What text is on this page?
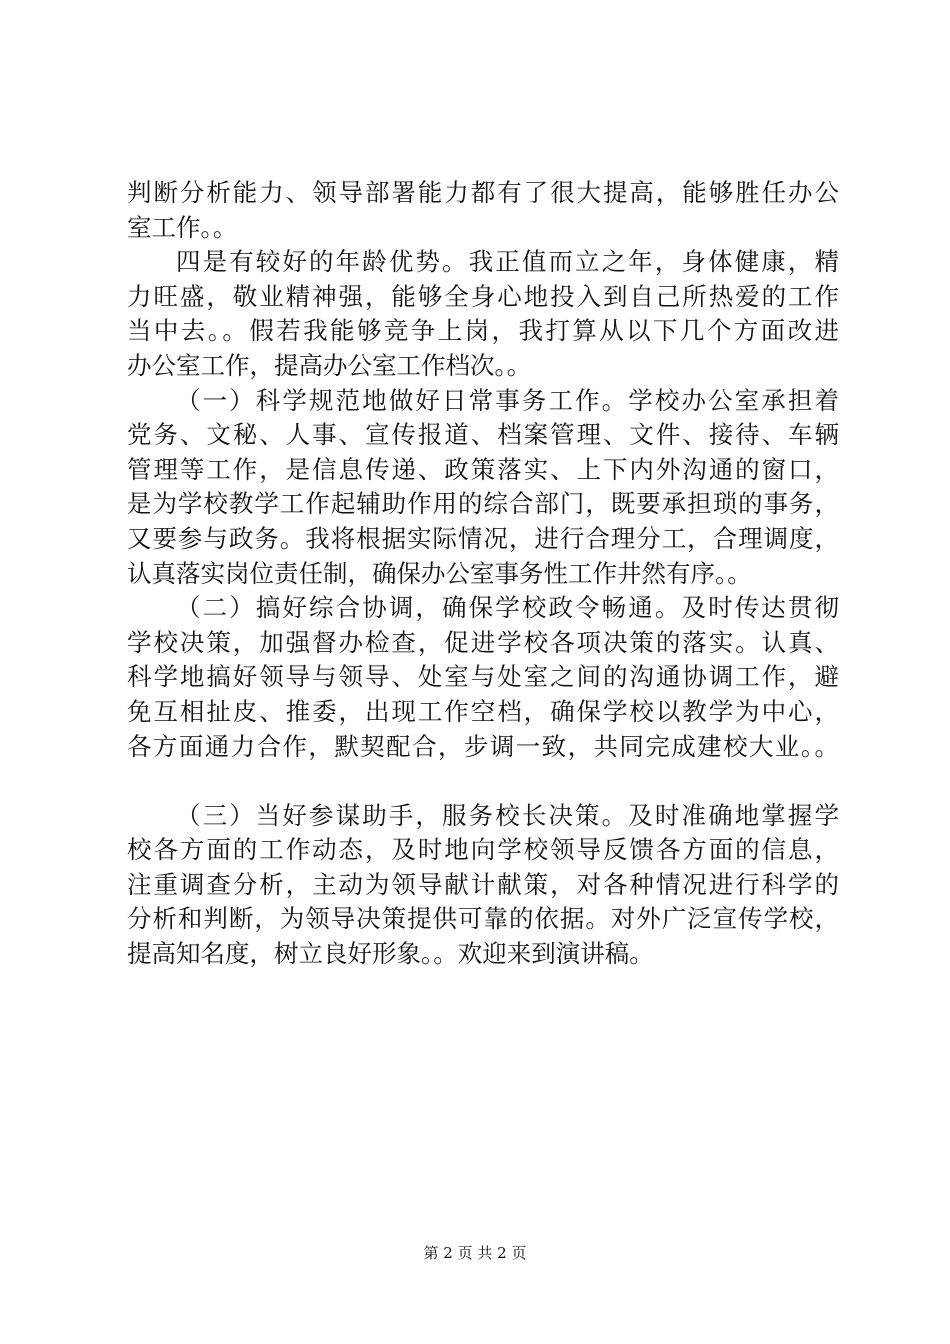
判断分析能力、领导部署能力都有了很大提高，能够胜任办公
室工作。。
四是有较好的年龄优势。我正值而立之年，身体健康，精
力旺盛，敬业精神强，能够全身心地投入到自己所热爱的工作
当中去。。假若我能够竞争上岗，我打算从以下几个方面改进
办公室工作，提高办公室工作档次。。
（一）科学规范地做好日常事务工作。学校办公室承担着
党务、文秘、人事、宣传报道、档案管理、文件、接待、车辆
管理等工作，是信息传递、政策落实、上下内外沟通的窗口，
是为学校教学工作起辅助作用的综合部门，既要承担琐的事务，
又要参与政务。我将根据实际情况，进行合理分工，合理调度，
认真落实岗位责任制，确保办公室事务性工作井然有序。。
（二）搞好综合协调，确保学校政令畅通。及时传达贯彻
学校决策，加强督办检查，促进学校各项决策的落实。认真、
科学地搞好领导与领导、处室与处室之间的沟通协调工作，避
免互相扯皮、推委，出现工作空档，确保学校以教学为中心，
各方面通力合作，默契配合，步调一致，共同完成建校大业。。
（三）当好参谋助手，服务校长决策。及时准确地掌握学
校各方面的工作动态，及时地向学校领导反馈各方面的信息，
注重调查分析，主动为领导献计献策，对各种情况进行科学的
分析和判断，为领导决策提供可靠的依据。对外广泛宣传学校，
提高知名度，树立良好形象。。欢迎来到演讲稿。
第 2 页 共 2 页
